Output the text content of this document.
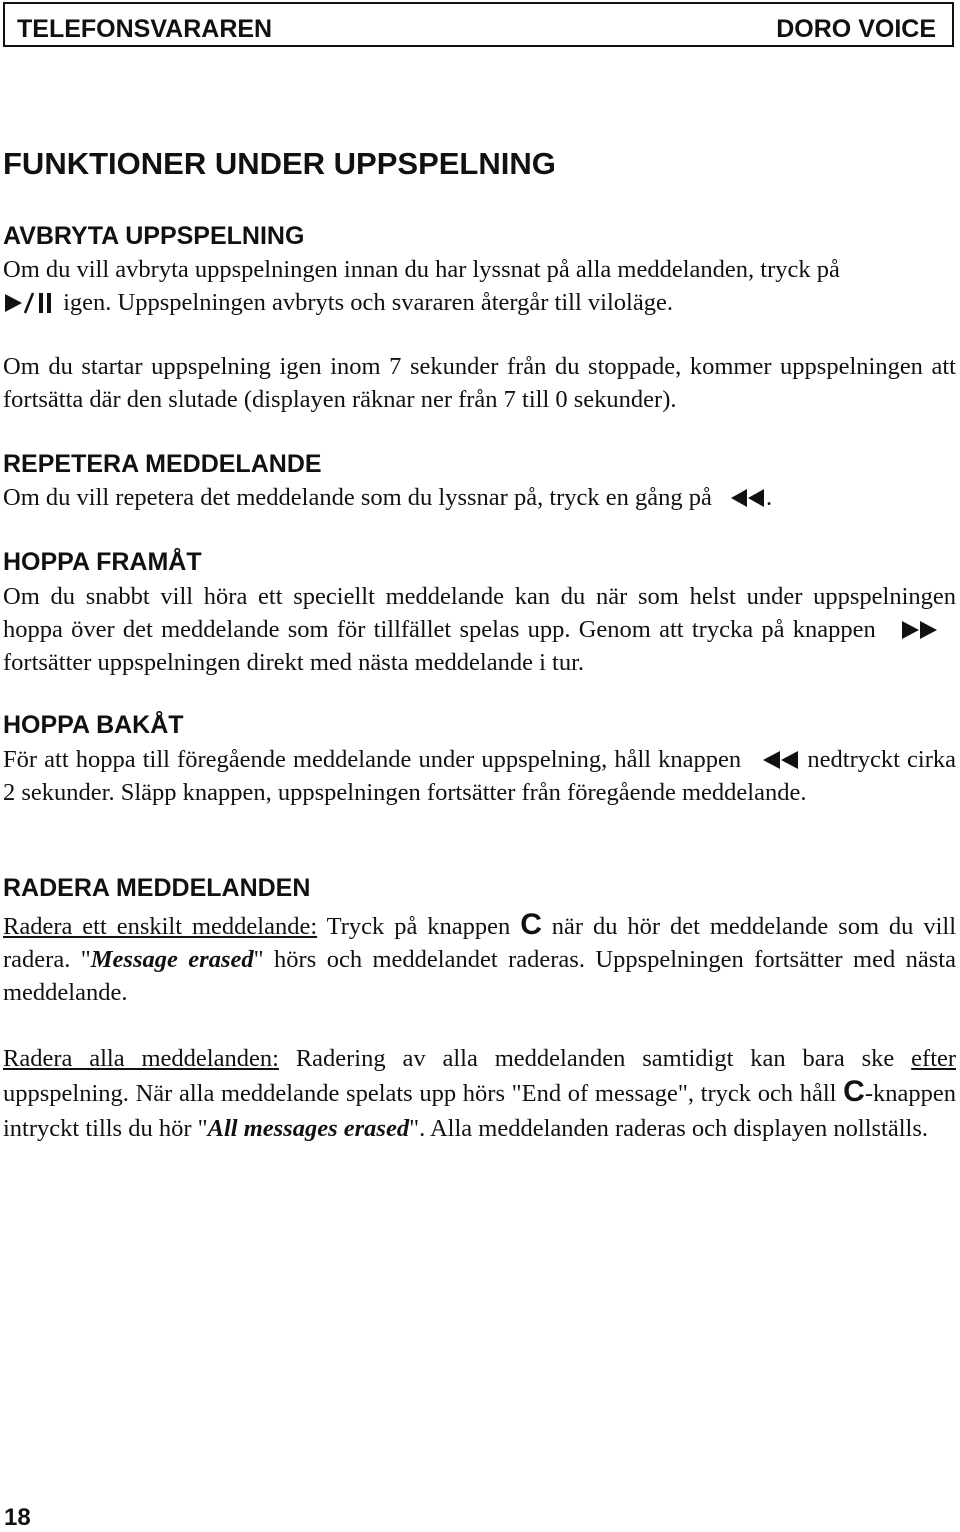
TELEFONSVARAREN	DORO VOICE
FUNKTIONER UNDER UPPSPELNING
AVBRYTA UPPSPELNING
Om du vill avbryta uppspelningen innan du har lyssnat på alla meddelanden, tryck på
igen. Uppspelningen avbryts och svararen återgår till viloläge.
Om du startar uppspelning igen inom 7 sekunder från du stoppade, kommer uppspelningen att fortsätta där den slutade (displayen räknar ner från 7 till 0 sekunder).
REPETERA MEDDELANDE
Om du vill repetera det meddelande som du lyssnar på, tryck en gång på .
HOPPA FRAMÅT
Om du snabbt vill höra ett speciellt meddelande kan du när som helst under uppspelningen hoppa över det meddelande som för tillfället spelas upp. Genom att trycka på knappen
fortsätter uppspelningen direkt med nästa meddelande i tur.
HOPPA BAKÅT
För att hoppa till föregående meddelande under uppspelning, håll knappen	nedtryckt cirka 2 sekunder. Släpp knappen, uppspelningen fortsätter från föregående meddelande.
RADERA MEDDELANDEN
Radera ett enskilt meddelande: Tryck på knappen C när du hör det meddelande som du vill radera. "Message erased" hörs och meddelandet raderas. Uppspelningen fortsätter med nästa meddelande.
Radera alla meddelanden: Radering av alla meddelanden samtidigt kan bara ske efter uppspelning. När alla meddelande spelats upp hörs "End of message", tryck och håll C-knappen intryckt tills du hör "All messages erased". Alla meddelanden raderas och displayen nollställs.
18
